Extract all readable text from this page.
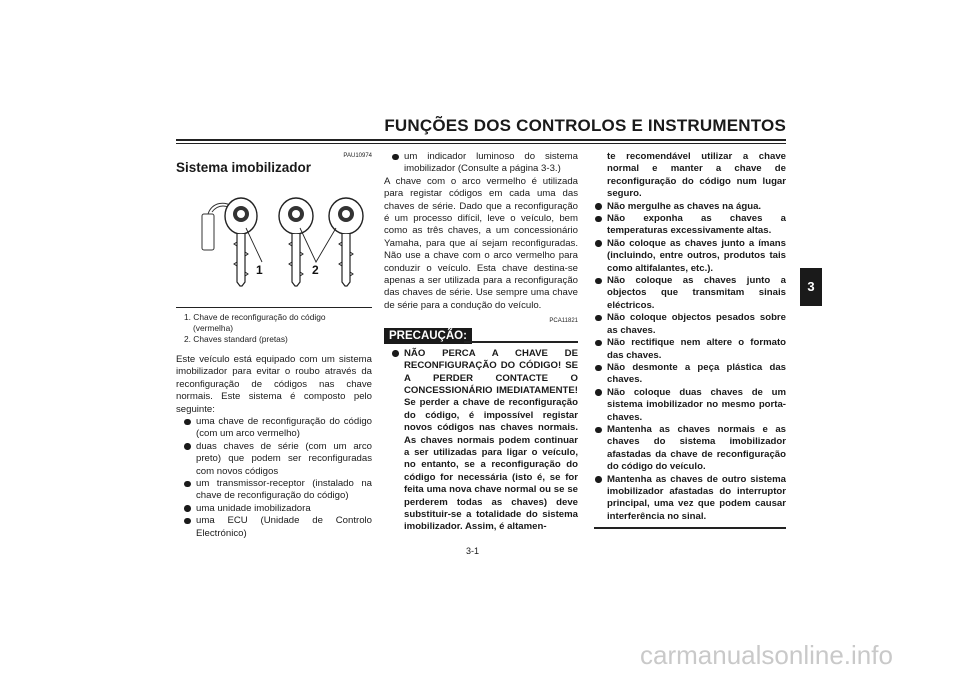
FUNÇÕES DOS CONTROLOS E INSTRUMENTOS
3
PAU10974
Sistema imobilizador
1	2
1. Chave de reconfiguração do código (vermelha)
2. Chaves standard (pretas)

Este veículo está equipado com um sistema imobilizador para evitar o roubo através da reconfiguração de códigos nas chave normais. Este sistema é composto pelo seguinte:

uma chave de reconfiguração do código (com um arco vermelho)
duas chaves de série (com um arco preto) que podem ser reconfiguradas com novos códigos
um transmissor-receptor (instalado na chave de reconfiguração do código)
uma unidade imobilizadora
uma ECU (Unidade de Controlo Electrónico)
um indicador luminoso do sistema imobilizador (Consulte a página 3-3.)

A chave com o arco vermelho é utilizada para registar códigos em cada uma das chaves de série. Dado que a reconfiguração é um processo difícil, leve o veículo, bem como as três chaves, a um concessionário Yamaha, para que aí sejam reconfiguradas. Não use a chave com o arco vermelho para conduzir o veículo. Esta chave destina-se apenas a ser utilizada para a reconfiguração das chaves de série. Use sempre uma chave de série para a condução do veículo.

PCA11821
PRECAUÇÃO:
NÃO PERCA A CHAVE DE RECONFIGURAÇÃO DO CÓDIGO! SE A PERDER CONTACTE O CONCESSIONÁRIO IMEDIATAMENTE! Se perder a chave de reconfiguração do código, é impossível registar novos códigos nas chaves normais. As chaves normais podem continuar a ser utilizadas para ligar o veículo, no entanto, se a reconfiguração do código for necessária (isto é, se for feita uma nova chave normal ou se se perderem todas as chaves) deve substituir-se a totalidade do sistema imobilizador. Assim, é altamen-

te recomendável utilizar a chave normal e manter a chave de reconfiguração do código num lugar seguro.

Não mergulhe as chaves na água.
Não exponha as chaves a temperaturas excessivamente altas.
Não coloque as chaves junto a ímans (incluindo, entre outros, produtos tais como altifalantes, etc.).
Não coloque as chaves junto a objectos que transmitam sinais eléctricos.
Não coloque objectos pesados sobre as chaves.
Não rectifique nem altere o formato das chaves.
Não desmonte a peça plástica das chaves.
Não coloque duas chaves de um sistema imobilizador no mesmo porta-chaves.
Mantenha as chaves normais e as chaves do sistema imobilizador afastadas da chave de reconfiguração do código do veículo.
Mantenha as chaves de outro sistema imobilizador afastadas do interruptor principal, uma vez que podem causar interferência no sinal.
3-1
carmanualsonline.info
